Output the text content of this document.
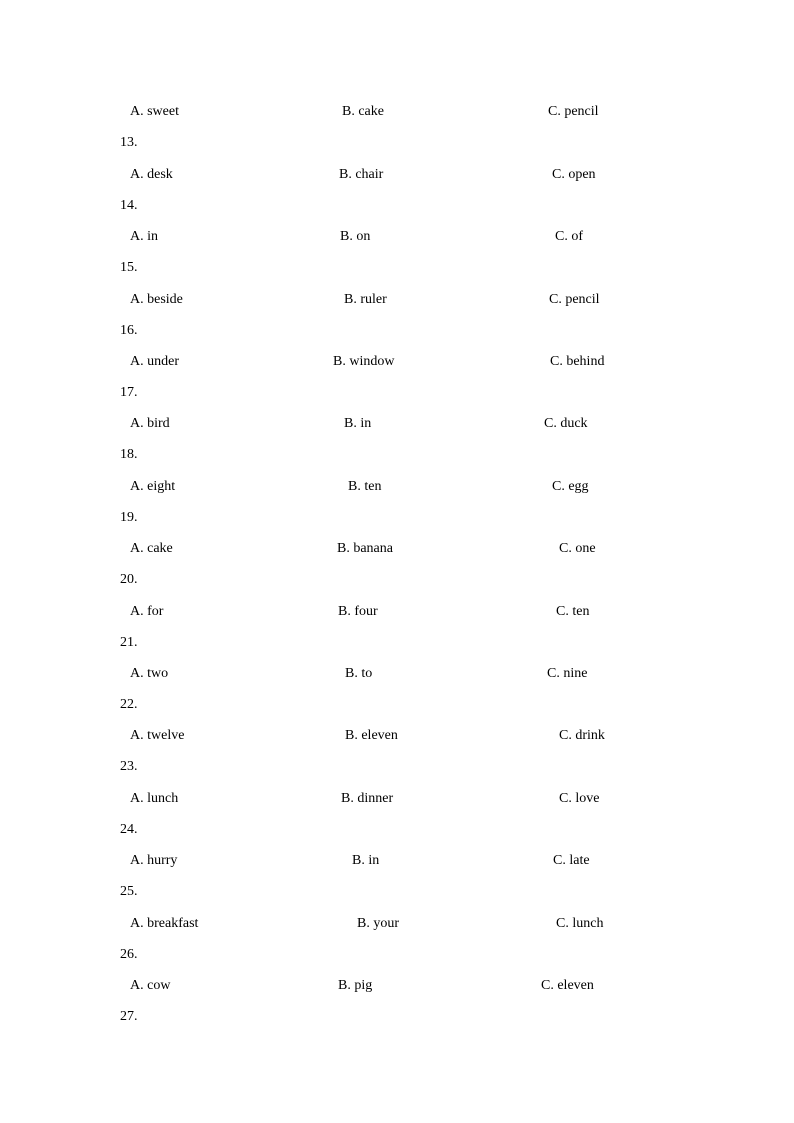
A. sweet	B. cake	C. pencil
13.
A. desk	B. chair	C. open
14.
A. in	B. on	C. of
15.
A. beside	B. ruler	C. pencil
16.
A. under	B. window	C. behind
17.
A. bird	B. in	C. duck
18.
A. eight	B. ten	C. egg
19.
A. cake	B. banana	C. one
20.
A. for	B. four	C. ten
21.
A. two	B. to	C. nine
22.
A. twelve	B. eleven	C. drink
23.
A. lunch	B. dinner	C. love
24.
A. hurry	B. in	C. late
25.
A. breakfast	B. your	C. lunch
26.
A. cow	B. pig	C. eleven
27.
